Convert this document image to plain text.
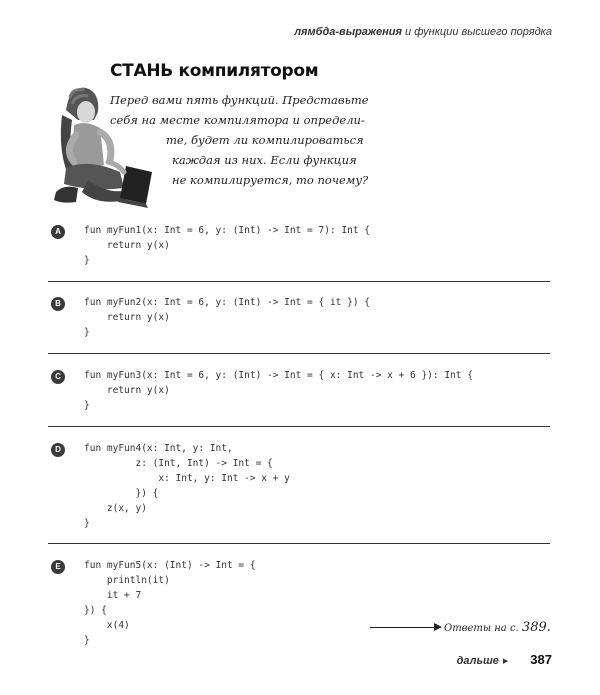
лямбда-выражения и функции высшего порядка
СТАНЬ компилятором
Перед вами пять функций. Представьте
себя на месте компилятора и определи-
те, будет ли компилироваться
каждая из них. Если функция
не компилируется, то почему?
A	fun myFun1(x: Int = 6, y: (Int) -> Int = 7): Int {
return y(x)
}
B	fun myFun2(x: Int = 6, y: (Int) -> Int = { it }) {
return y(x)
}
C	fun myFun3(x: Int = 6, y: (Int) -> Int = { x: Int -> x + 6 }): Int {
return y(x)
}
D	fun myFun4(x: Int, y: Int,
z: (Int, Int) -> Int = {
x: Int, y: Int -> x + y
}) {
z(x, y)
}
E	fun myFun5(x: (Int) -> Int = {
println(it)
it + 7
}) {
x(4)
}
Ответы на с. 389.
дальше ▶ 387
